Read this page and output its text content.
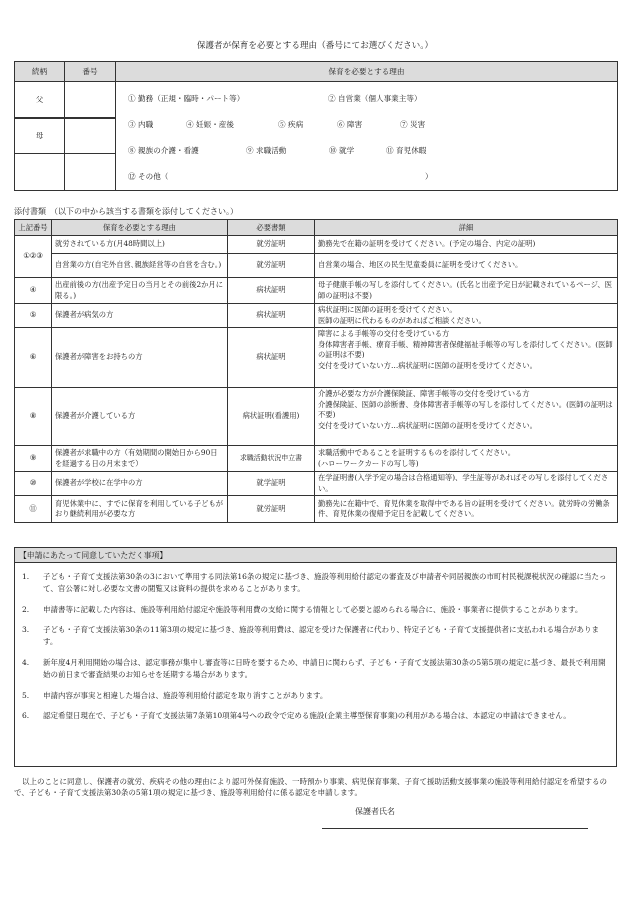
保護者が保育を必要とする理由（番号にてお選びください。）
続柄	番号	保育を必要とする理由
父		① 勤務（正規・臨時・パート等） ② 自営業（個人事業主等）
③ 内職 ④ 妊娠・産後 ⑤ 疾病 ⑥ 障害 ⑦ 災害
⑧ 親族の介護・看護 ⑨ 求職活動 ⑩ 就学 ⑪ 育児休暇
⑫ その他（ ）

母		

添付書類　（以下の中から該当する書類を添付してください。）
上記番号	保育を必要とする理由	必要書類	詳細
①②③	就労されている方(月48時間以上)	就労証明	勤務先で在籍の証明を受けてください。(予定の場合、内定の証明)
	自営業の方(自宅外自営､親族経営等の自営を含む｡)	就労証明	自営業の場合、地区の民生児童委員に証明を受けてください。
④	出産前後の方(出産予定日の当月とその前後2か月に限る。)	病状証明	母子健康手帳の写しを添付してください。(氏名と出産予定日が記載されているページ、医師の証明は不要)
⑤	保護者が病気の方	病状証明	病状証明に医師の証明を受けてください。
医師の証明に代わるものがあればご相談ください。
⑥	保護者が障害をお持ちの方	病状証明	障害による手帳等の交付を受けている方
身体障害者手帳、療育手帳、精神障害者保健福祉手帳等の写しを添付してください。(医師の証明は不要)
交付を受けていない方…病状証明に医師の証明を受けてください。
⑧	保護者が介護している方	病状証明(看護用)	介護が必要な方が介護保険証、障害手帳等の交付を受けている方
介護保険証、医師の診断書、身体障害者手帳等の写しを添付してください。(医師の証明は不要)
交付を受けていない方…病状証明に医師の証明を受けてください。
⑨	保護者が求職中の方（有効期間の開始日から90日を経過する日の月末まで）	求職活動状況申立書	求職活動中であることを証明するものを添付してください。
(ハローワークカードの写し等)
⑩	保護者が学校に在学中の方	就学証明	在学証明書(入学予定の場合は合格通知等)、学生証等があればその写しを添付してください。
⑪	育児休業中に、すでに保育を利用している子どもがおり継続利用が必要な方	就労証明	勤務先に在籍中で、育児休業を取得中である旨の証明を受けてください。就労時の労働条件、育児休業の復帰予定日を記載してください。
【申請にあたって同意していただく事項】
1.	子ども・子育て支援法第30条の3において準用する同法第16条の規定に基づき、施設等利用給付認定の審査及び申請者や同居親族の市町村民税課税状況の確認に当たって、官公署に対し必要な文書の閲覧又は資料の提供を求めることがあります。
2.	申請書等に記載した内容は、施設等利用給付認定や施設等利用費の支給に関する情報として必要と認められる場合に、施設・事業者に提供することがあります。
3.	子ども・子育て支援法第30条の11第3項の規定に基づき、施設等利用費は、認定を受けた保護者に代わり、特定子ども・子育て支援提供者に支払われる場合があります。
4.	新年度4月利用開始の場合は、認定事務が集中し審査等に日時を要するため、申請日に関わらず、子ども・子育て支援法第30条の5第5項の規定に基づき、最長で利用開始の前日まで審査結果のお知らせを延期する場合があります。
5.	申請内容が事実と相違した場合は、施設等利用給付認定を取り消すことがあります。
6.	認定希望日現在で、子ども・子育て支援法第7条第10項第4号への政令で定める施設(企業主導型保育事業)の利用がある場合は、本認定の申請はできません。
以上のことに同意し、保護者の就労、疾病その他の理由により認可外保育施設、一時預かり事業、病児保育事業、子育て援助活動支援事業の施設等利用給付認定を希望するので、子ども・子育て支援法第30条の5第1項の規定に基づき、施設等利用給付に係る認定を申請します。
保護者氏名
